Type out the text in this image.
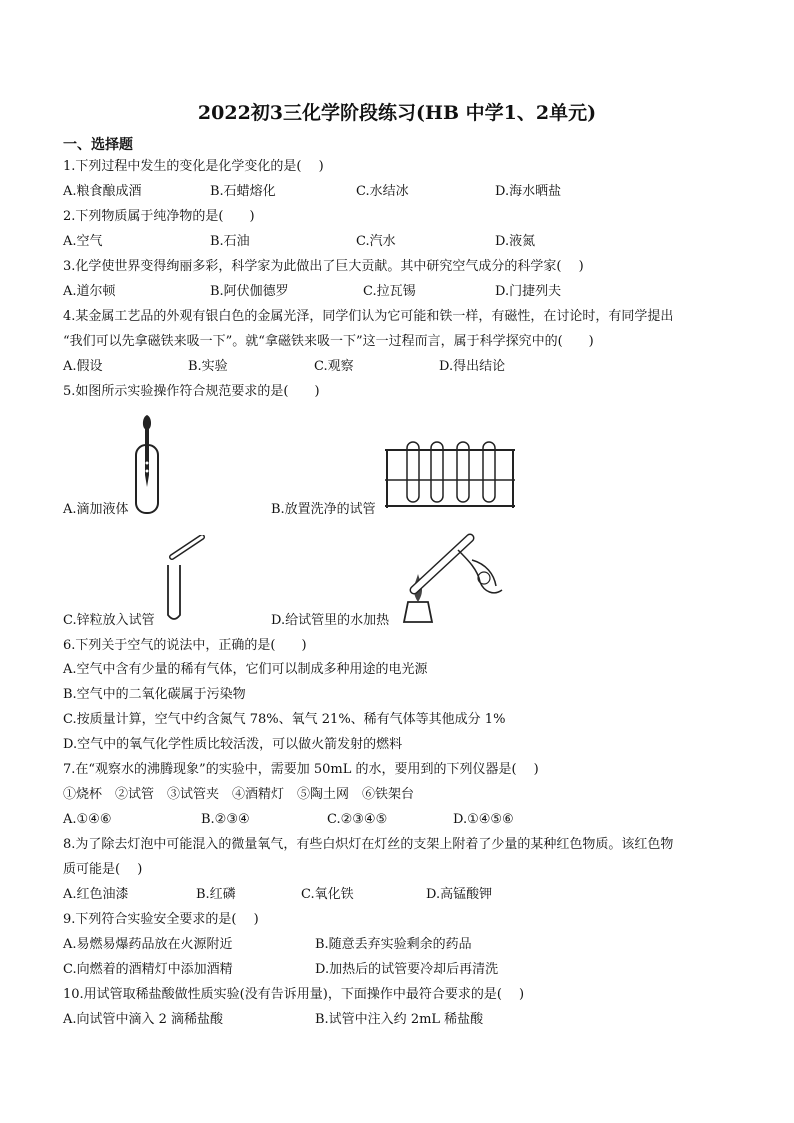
2022初3三化学阶段练习(HB 中学1、2单元)
一、选择题
1.下列过程中发生的变化是化学变化的是(　 )
A.粮食酿成酒	B.石蜡熔化	C.水结冰	D.海水晒盐
2.下列物质属于纯净物的是(　　)
A.空气	B.石油	C.汽水	D.液氮
3.化学使世界变得绚丽多彩，科学家为此做出了巨大贡献。其中研究空气成分的科学家(　 )
A.道尔顿	B.阿伏伽德罗	C.拉瓦锡	D.门捷列夫
4.某金属工艺品的外观有银白色的金属光泽，同学们认为它可能和铁一样，有磁性，在讨论时，有同学提出
“我们可以先拿磁铁来吸一下”。就“拿磁铁来吸一下”这一过程而言，属于科学探究中的(　　)
A.假设	B.实验	C.观察	D.得出结论
5.如图所示实验操作符合规范要求的是(　　)
A.滴加液体	B.放置洗净的试管
C.锌粒放入试管	D.给试管里的水加热
6.下列关于空气的说法中，正确的是(　　)
A.空气中含有少量的稀有气体，它们可以制成多种用途的电光源
B.空气中的二氧化碳属于污染物
C.按质量计算，空气中约含氮气 78%、氧气 21%、稀有气体等其他成分 1%
D.空气中的氧气化学性质比较活泼，可以做火箭发射的燃料
7.在“观察水的沸腾现象”的实验中，需要加 50mL 的水，要用到的下列仪器是(　 )
①烧杯　②试管　③试管夹　④酒精灯　⑤陶土网　⑥铁架台
A.①④⑥	B.②③④	C.②③④⑤	D.①④⑤⑥
8.为了除去灯泡中可能混入的微量氧气，有些白炽灯在灯丝的支架上附着了少量的某种红色物质。该红色物
质可能是(　 )
A.红色油漆	B.红磷	C.氧化铁	D.高锰酸钾
9.下列符合实验安全要求的是(　 )
A.易燃易爆药品放在火源附近	B.随意丢弃实验剩余的药品
C.向燃着的酒精灯中添加酒精	D.加热后的试管要冷却后再清洗
10.用试管取稀盐酸做性质实验(没有告诉用量)，下面操作中最符合要求的是(　 )
A.向试管中滴入 2 滴稀盐酸	B.试管中注入约 2mL 稀盐酸
